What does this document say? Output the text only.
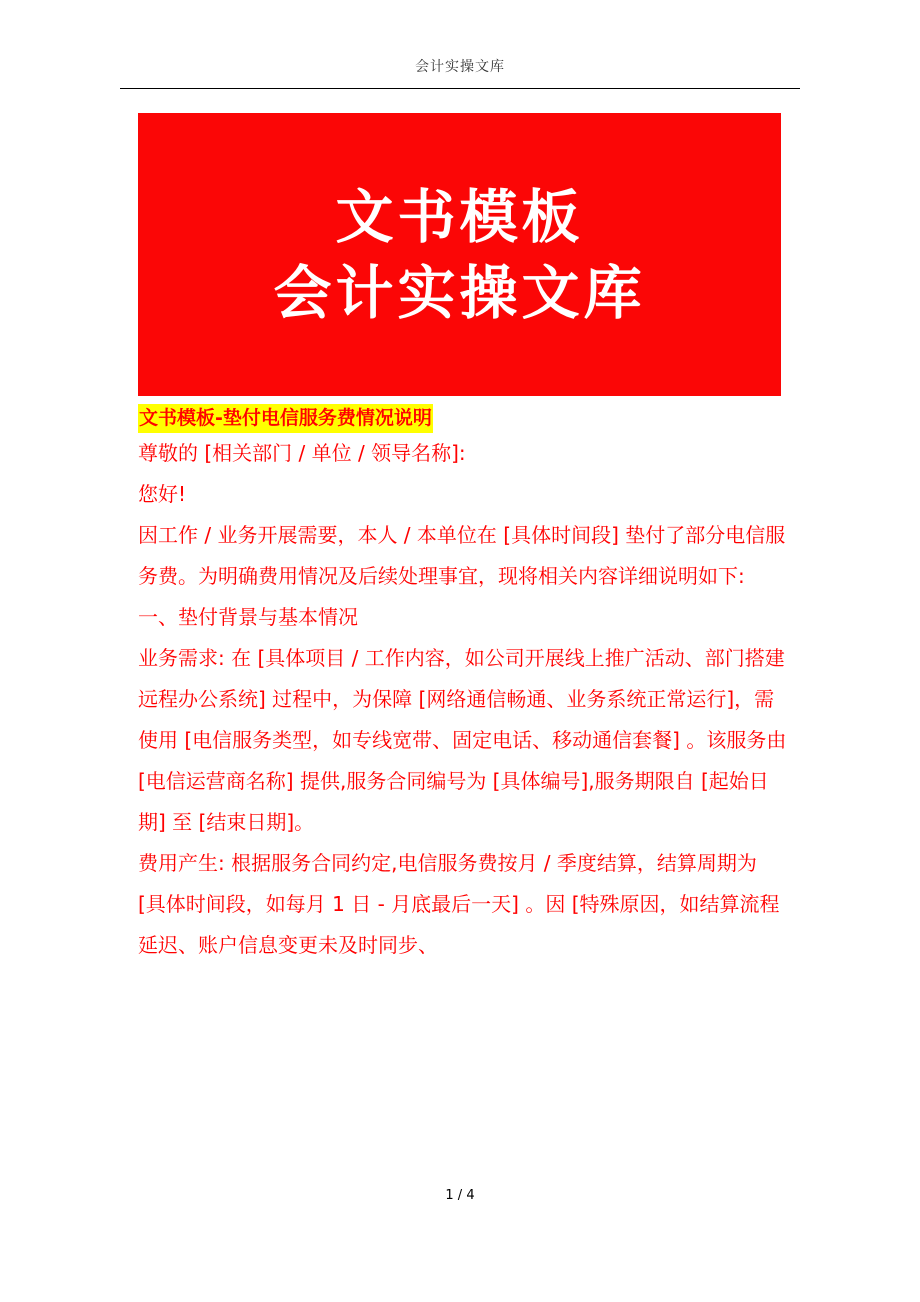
会计实操文库
文书模板
会计实操文库
文书模板-垫付电信服务费情况说明

尊敬的 [相关部门 / 单位 / 领导名称]:

您好!

因工作 / 业务开展需要，本人 / 本单位在 [具体时间段] 垫付了部分电信服务费。为明确费用情况及后续处理事宜，现将相关内容详细说明如下:

一、垫付背景与基本情况

业务需求: 在 [具体项目 / 工作内容，如公司开展线上推广活动、部门搭建远程办公系统] 过程中，为保障 [网络通信畅通、业务系统正常运行]，需使用 [电信服务类型，如专线宽带、固定电话、移动通信套餐] 。该服务由 [电信运营商名称] 提供,服务合同编号为 [具体编号],服务期限自 [起始日期] 至 [结束日期]。

费用产生: 根据服务合同约定,电信服务费按月 / 季度结算，结算周期为 [具体时间段，如每月 1 日 - 月底最后一天] 。因 [特殊原因，如结算流程延迟、账户信息变更未及时同步、

1 / 4
